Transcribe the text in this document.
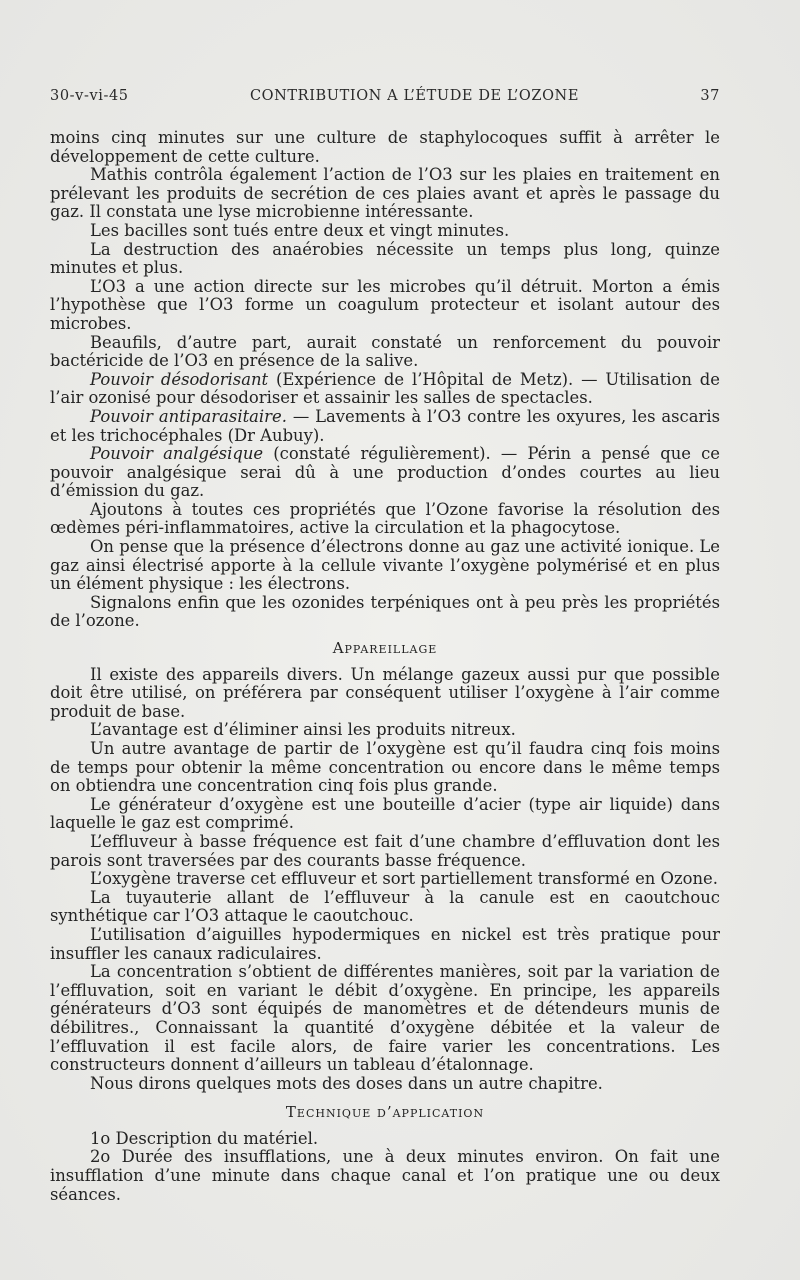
30-v-vi-45	CONTRIBUTION A L’ÉTUDE DE L’OZONE	37

moins cinq minutes sur une culture de staphylocoques suffit à arrêter le développement de cette culture.

Mathis contrôla également l’action de l’O3 sur les plaies en traitement en prélevant les produits de secrétion de ces plaies avant et après le passage du gaz. Il constata une lyse microbienne intéressante.

Les bacilles sont tués entre deux et vingt minutes.

La destruction des anaérobies nécessite un temps plus long, quinze minutes et plus.

L’O3 a une action directe sur les microbes qu’il détruit. Morton a émis l’hypothèse que l’O3 forme un coagulum protecteur et isolant autour des microbes.

Beaufils, d’autre part, aurait constaté un renforcement du pouvoir bactéricide de l’O3 en présence de la salive.

Pouvoir désodorisant (Expérience de l’Hôpital de Metz). — Utilisation de l’air ozonisé pour désodoriser et assainir les salles de spectacles.

Pouvoir antiparasitaire. — Lavements à l’O3 contre les oxyures, les ascaris et les trichocéphales (Dr Aubuy).

Pouvoir analgésique (constaté régulièrement). — Périn a pensé que ce pouvoir analgésique serai dû à une production d’ondes courtes au lieu d’émission du gaz.

Ajoutons à toutes ces propriétés que l’Ozone favorise la résolution des œdèmes péri-inflammatoires, active la circulation et la phagocytose.

On pense que la présence d’électrons donne au gaz une activité ionique. Le gaz ainsi électrisé apporte à la cellule vivante l’oxygène polymérisé et en plus un élément physique : les électrons.

Signalons enfin que les ozonides terpéniques ont à peu près les propriétés de l’ozone.

Appareillage

Il existe des appareils divers. Un mélange gazeux aussi pur que possible doit être utilisé, on préférera par conséquent utiliser l’oxygène à l’air comme produit de base.

L’avantage est d’éliminer ainsi les produits nitreux.

Un autre avantage de partir de l’oxygène est qu’il faudra cinq fois moins de temps pour obtenir la même concentration ou encore dans le même temps on obtiendra une concentration cinq fois plus grande.

Le générateur d’oxygène est une bouteille d’acier (type air liquide) dans laquelle le gaz est comprimé.

L’effluveur à basse fréquence est fait d’une chambre d’effluvation dont les parois sont traversées par des courants basse fréquence.

L’oxygène traverse cet effluveur et sort partiellement transformé en Ozone.

La tuyauterie allant de l’effluveur à la canule est en caoutchouc synthétique car l’O3 attaque le caoutchouc.

L’utilisation d’aiguilles hypodermiques en nickel est très pratique pour insuffler les canaux radiculaires.

La concentration s’obtient de différentes manières, soit par la variation de l’effluvation, soit en variant le débit d’oxygène. En principe, les appareils générateurs d’O3 sont équipés de manomètres et de détendeurs munis de débilitres., Connaissant la quantité d’oxygène débitée et la valeur de l’effluvation il est facile alors, de faire varier les concentrations. Les constructeurs donnent d’ailleurs un tableau d’étalonnage.

Nous dirons quelques mots des doses dans un autre chapitre.

Technique d’application

1o Description du matériel.

2o Durée des insufflations, une à deux minutes environ. On fait une insufflation d’une minute dans chaque canal et l’on pratique une ou deux séances.
